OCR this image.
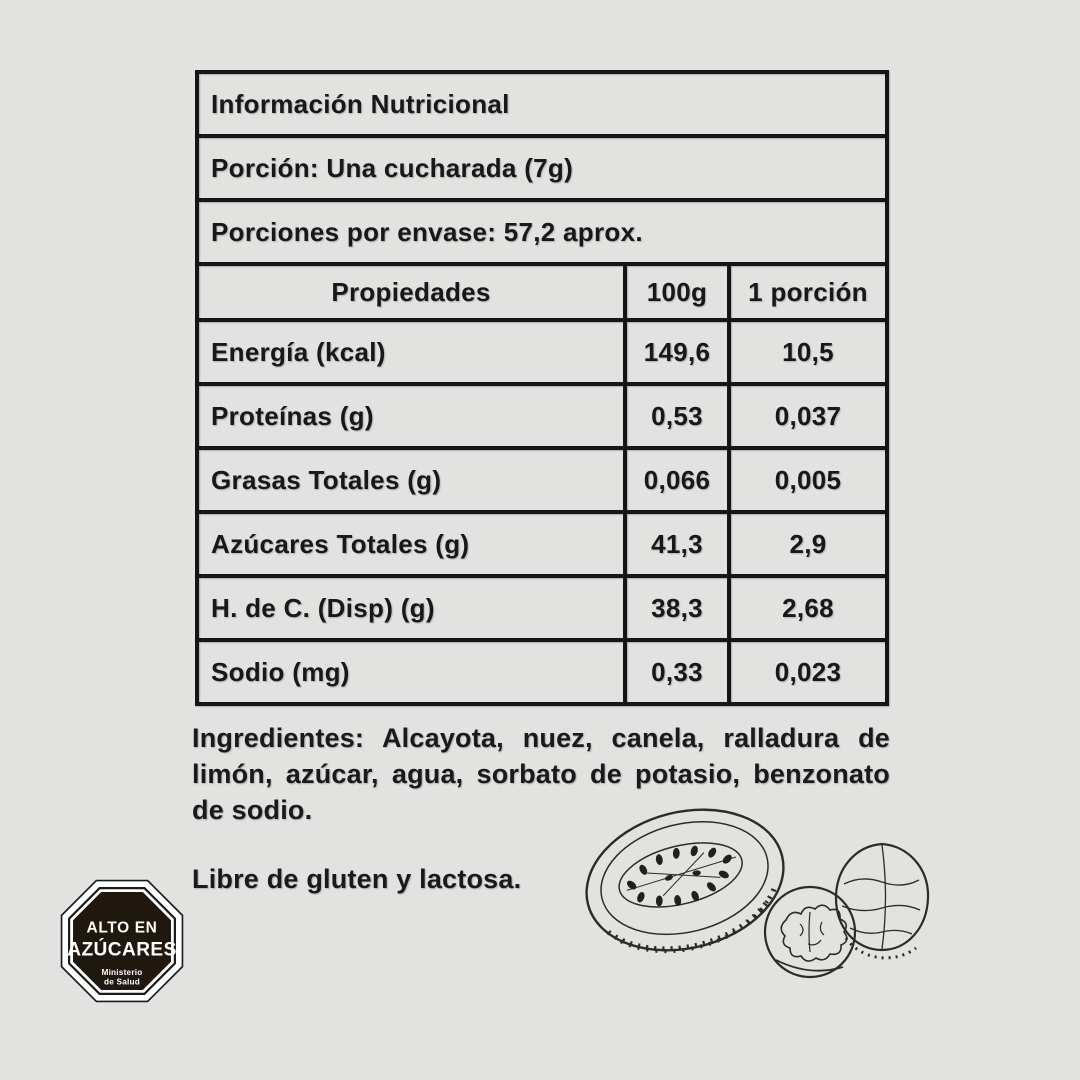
Información Nutricional		
Porción: Una cucharada (7g)		
Porciones por envase: 57,2 aprox.		
Propiedades	100g	1 porción
Energía (kcal)	149,6	10,5
Proteínas (g)	0,53	0,037
Grasas Totales (g)	0,066	0,005
Azúcares Totales (g)	41,3	2,9
H. de C. (Disp) (g)	38,3	2,68
Sodio (mg)	0,33	0,023

Ingredientes: Alcayota, nuez, canela, ralladura de limón, azúcar, agua, sorbato de potasio, benzonato de sodio.

Libre de gluten y lactosa.

ALTO EN
AZÚCARES
Ministerio
de Salud
